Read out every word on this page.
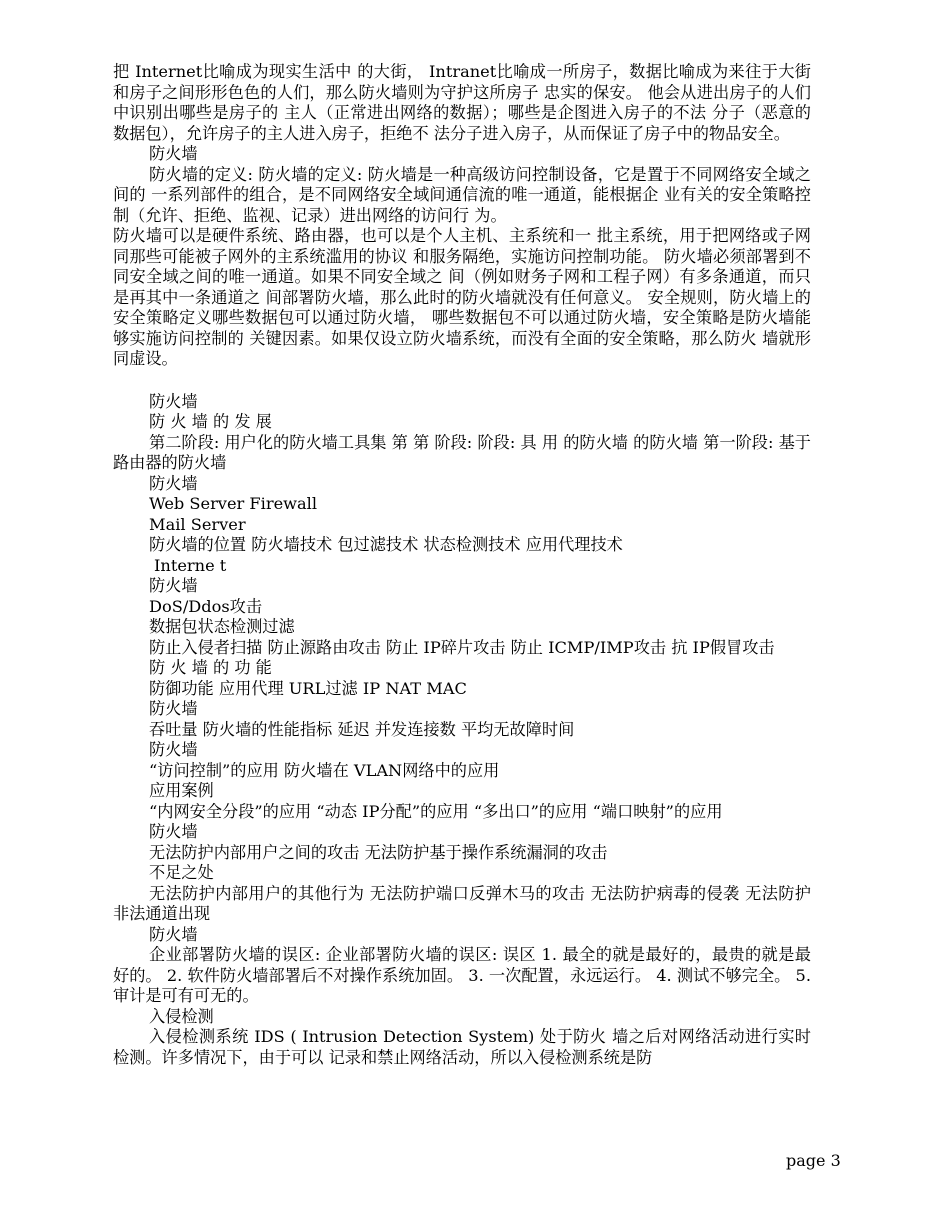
把 Internet比喻成为现实生活中 的大街， Intranet比喻成一所房子，数据比喻成为来往于大街 和房子之间形形色色的人们，那么防火墙则为守护这所房子 忠实的保安。 他会从进出房子的人们中识别出哪些是房子的 主人（正常进出网络的数据）；哪些是企图进入房子的不法 分子（恶意的数据包），允许房子的主人进入房子，拒绝不 法分子进入房子，从而保证了房子中的物品安全。

防火墙

防火墙的定义: 防火墙的定义: 防火墙是一种高级访问控制设备，它是置于不同网络安全域之间的 一系列部件的组合，是不同网络安全域间通信流的唯一通道，能根据企 业有关的安全策略控制（允许、拒绝、监视、记录）进出网络的访问行 为。

防火墙可以是硬件系统、路由器，也可以是个人主机、主系统和一 批主系统，用于把网络或子网同那些可能被子网外的主系统滥用的协议 和服务隔绝，实施访问控制功能。 防火墙必须部署到不同安全域之间的唯一通道。如果不同安全域之 间（例如财务子网和工程子网）有多条通道，而只是再其中一条通道之 间部署防火墙，那么此时的防火墙就没有任何意义。 安全规则，防火墙上的安全策略定义哪些数据包可以通过防火墙， 哪些数据包不可以通过防火墙，安全策略是防火墙能够实施访问控制的 关键因素。如果仅设立防火墙系统，而没有全面的安全策略，那么防火 墙就形同虚设。

防火墙

防 火 墙 的 发 展

第二阶段: 用户化的防火墙工具集 第 第 阶段: 阶段: 具 用 的防火墙 的防火墙 第一阶段: 基于路由器的防火墙

防火墙

Web Server Firewall

Mail Server

防火墙的位置 防火墙技术 包过滤技术 状态检测技术 应用代理技术

Interne t

防火墙

DoS/Ddos攻击

数据包状态检测过滤

防止入侵者扫描 防止源路由攻击 防止 IP碎片攻击 防止 ICMP/IMP攻击 抗 IP假冒攻击

防 火 墙 的 功 能

防御功能 应用代理 URL过滤 IP NAT MAC

防火墙

吞吐量 防火墙的性能指标 延迟 并发连接数 平均无故障时间

防火墙

“访问控制”的应用 防火墙在 VLAN网络中的应用

应用案例

“内网安全分段”的应用 “动态 IP分配”的应用 “多出口”的应用 “端口映射”的应用

防火墙

无法防护内部用户之间的攻击 无法防护基于操作系统漏洞的攻击

不足之处

无法防护内部用户的其他行为 无法防护端口反弹木马的攻击 无法防护病毒的侵袭 无法防护非法通道出现

防火墙

企业部署防火墙的误区: 企业部署防火墙的误区: 误区 1. 最全的就是最好的，最贵的就是最好的。 2. 软件防火墙部署后不对操作系统加固。 3. 一次配置，永远运行。 4. 测试不够完全。 5. 审计是可有可无的。

入侵检测

入侵检测系统 IDS ( Intrusion Detection System) 处于防火 墙之后对网络活动进行实时检测。许多情况下，由于可以 记录和禁止网络活动，所以入侵检测系统是防

page 3
